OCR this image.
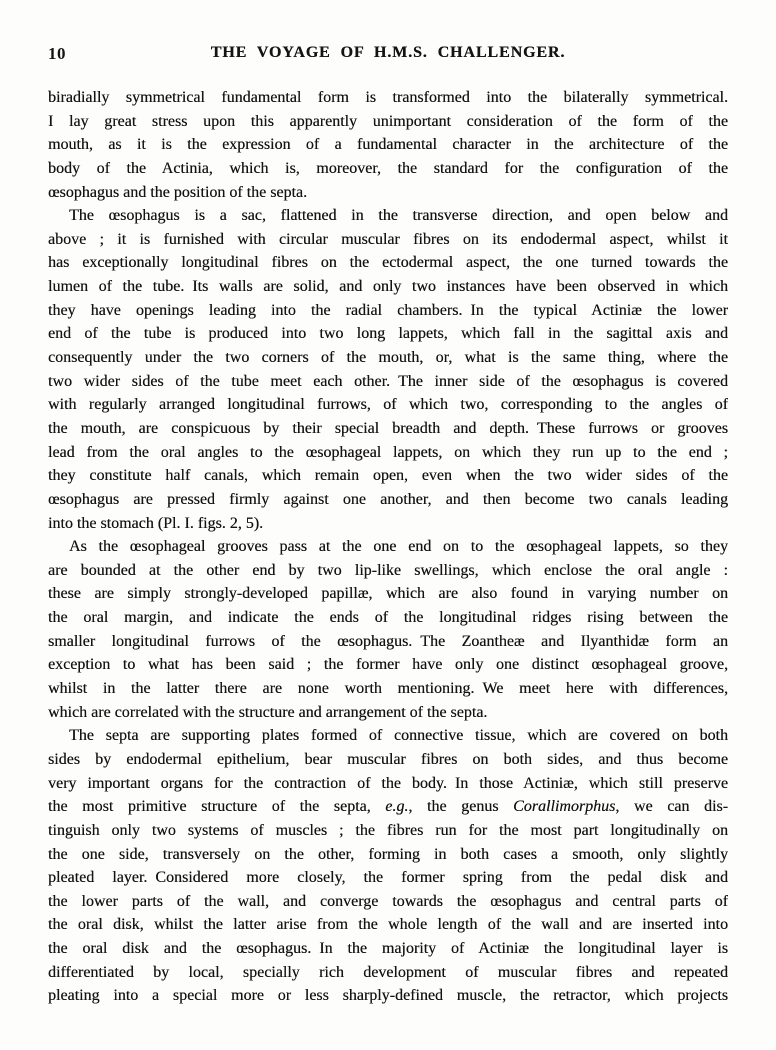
10	THE VOYAGE OF H.M.S. CHALLENGER.
biradially symmetrical fundamental form is transformed into the bilaterally symmetrical.
I lay great stress upon this apparently unimportant consideration of the form of the
mouth, as it is the expression of a fundamental character in the architecture of the
body of the Actinia, which is, moreover, the standard for the configuration of the
œsophagus and the position of the septa.
The œsophagus is a sac, flattened in the transverse direction, and open below and
above ; it is furnished with circular muscular fibres on its endodermal aspect, whilst it
has exceptionally longitudinal fibres on the ectodermal aspect, the one turned towards the
lumen of the tube. Its walls are solid, and only two instances have been observed in which
they have openings leading into the radial chambers. In the typical Actiniæ the lower
end of the tube is produced into two long lappets, which fall in the sagittal axis and
consequently under the two corners of the mouth, or, what is the same thing, where the
two wider sides of the tube meet each other. The inner side of the œsophagus is covered
with regularly arranged longitudinal furrows, of which two, corresponding to the angles of
the mouth, are conspicuous by their special breadth and depth. These furrows or grooves
lead from the oral angles to the œsophageal lappets, on which they run up to the end ;
they constitute half canals, which remain open, even when the two wider sides of the
œsophagus are pressed firmly against one another, and then become two canals leading
into the stomach (Pl. I. figs. 2, 5).
As the œsophageal grooves pass at the one end on to the œsophageal lappets, so they
are bounded at the other end by two lip-like swellings, which enclose the oral angle :
these are simply strongly-developed papillæ, which are also found in varying number on
the oral margin, and indicate the ends of the longitudinal ridges rising between the
smaller longitudinal furrows of the œsophagus. The Zoantheæ and Ilyanthidæ form an
exception to what has been said ; the former have only one distinct œsophageal groove,
whilst in the latter there are none worth mentioning. We meet here with differences,
which are correlated with the structure and arrangement of the septa.
The septa are supporting plates formed of connective tissue, which are covered on both
sides by endodermal epithelium, bear muscular fibres on both sides, and thus become
very important organs for the contraction of the body. In those Actiniæ, which still preserve
the most primitive structure of the septa, e.g., the genus Corallimorphus, we can dis-
tinguish only two systems of muscles ; the fibres run for the most part longitudinally on
the one side, transversely on the other, forming in both cases a smooth, only slightly
pleated layer. Considered more closely, the former spring from the pedal disk and
the lower parts of the wall, and converge towards the œsophagus and central parts of
the oral disk, whilst the latter arise from the whole length of the wall and are inserted into
the oral disk and the œsophagus. In the majority of Actiniæ the longitudinal layer is
differentiated by local, specially rich development of muscular fibres and repeated
pleating into a special more or less sharply-defined muscle, the retractor, which projects
